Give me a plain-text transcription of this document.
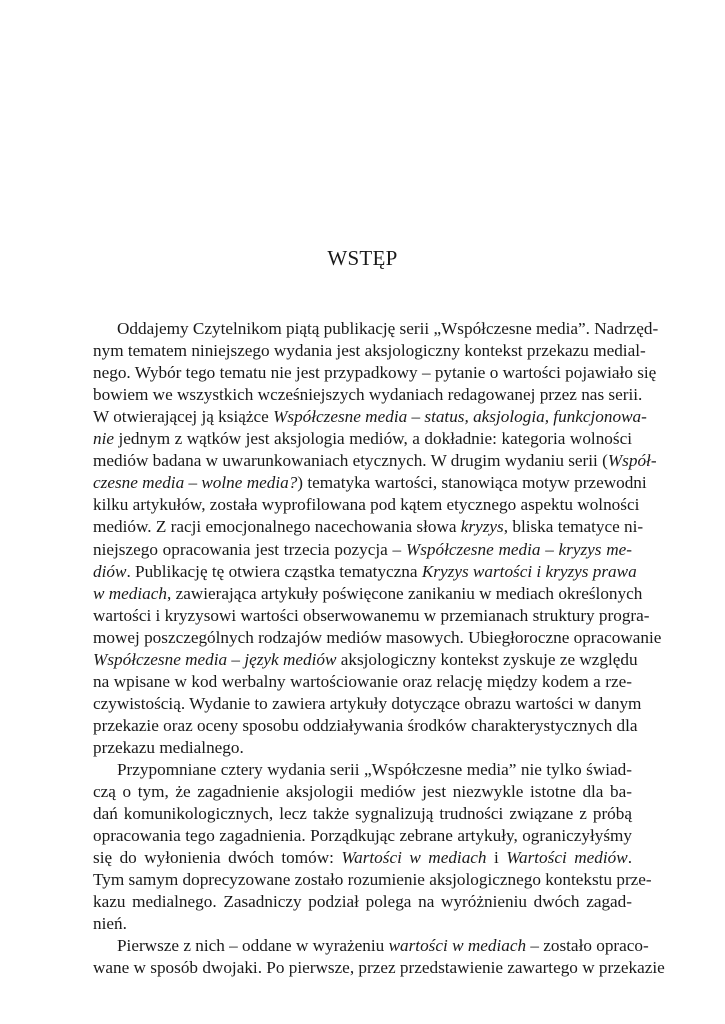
WSTĘP
Oddajemy Czytelnikom piątą publikację serii „Współczesne media”. Nadrzęd-
nym tematem niniejszego wydania jest aksjologiczny kontekst przekazu medial-
nego. Wybór tego tematu nie jest przypadkowy – pytanie o wartości pojawiało się
bowiem we wszystkich wcześniejszych wydaniach redagowanej przez nas serii.
W otwierającej ją książce Współczesne media – status, aksjologia, funkcjonowa-
nie jednym z wątków jest aksjologia mediów, a dokładnie: kategoria wolności
mediów badana w uwarunkowaniach etycznych. W drugim wydaniu serii (Współ-
czesne media – wolne media?) tematyka wartości, stanowiąca motyw przewodni
kilku artykułów, została wyprofilowana pod kątem etycznego aspektu wolności
mediów. Z racji emocjonalnego nacechowania słowa kryzys, bliska tematyce ni-
niejszego opracowania jest trzecia pozycja – Współczesne media – kryzys me-
diów. Publikację tę otwiera cząstka tematyczna Kryzys wartości i kryzys prawa
w mediach, zawierająca artykuły poświęcone zanikaniu w mediach określonych
wartości i kryzysowi wartości obserwowanemu w przemianach struktury progra-
mowej poszczególnych rodzajów mediów masowych. Ubiegłoroczne opracowanie
Współczesne media – język mediów aksjologiczny kontekst zyskuje ze względu
na wpisane w kod werbalny wartościowanie oraz relację między kodem a rze-
czywistością. Wydanie to zawiera artykuły dotyczące obrazu wartości w danym
przekazie oraz oceny sposobu oddziaływania środków charakterystycznych dla
przekazu medialnego.
Przypomniane cztery wydania serii „Współczesne media” nie tylko świad-
czą o tym, że zagadnienie aksjologii mediów jest niezwykle istotne dla ba-
dań komunikologicznych, lecz także sygnalizują trudności związane z próbą
opracowania tego zagadnienia. Porządkując zebrane artykuły, ograniczyłyśmy
się do wyłonienia dwóch tomów: Wartości w mediach i Wartości mediów.
Tym samym doprecyzowane zostało rozumienie aksjologicznego kontekstu prze-
kazu medialnego. Zasadniczy podział polega na wyróżnieniu dwóch zagad-
nień.
Pierwsze z nich – oddane w wyrażeniu wartości w mediach – zostało opraco-
wane w sposób dwojaki. Po pierwsze, przez przedstawienie zawartego w przekazie
